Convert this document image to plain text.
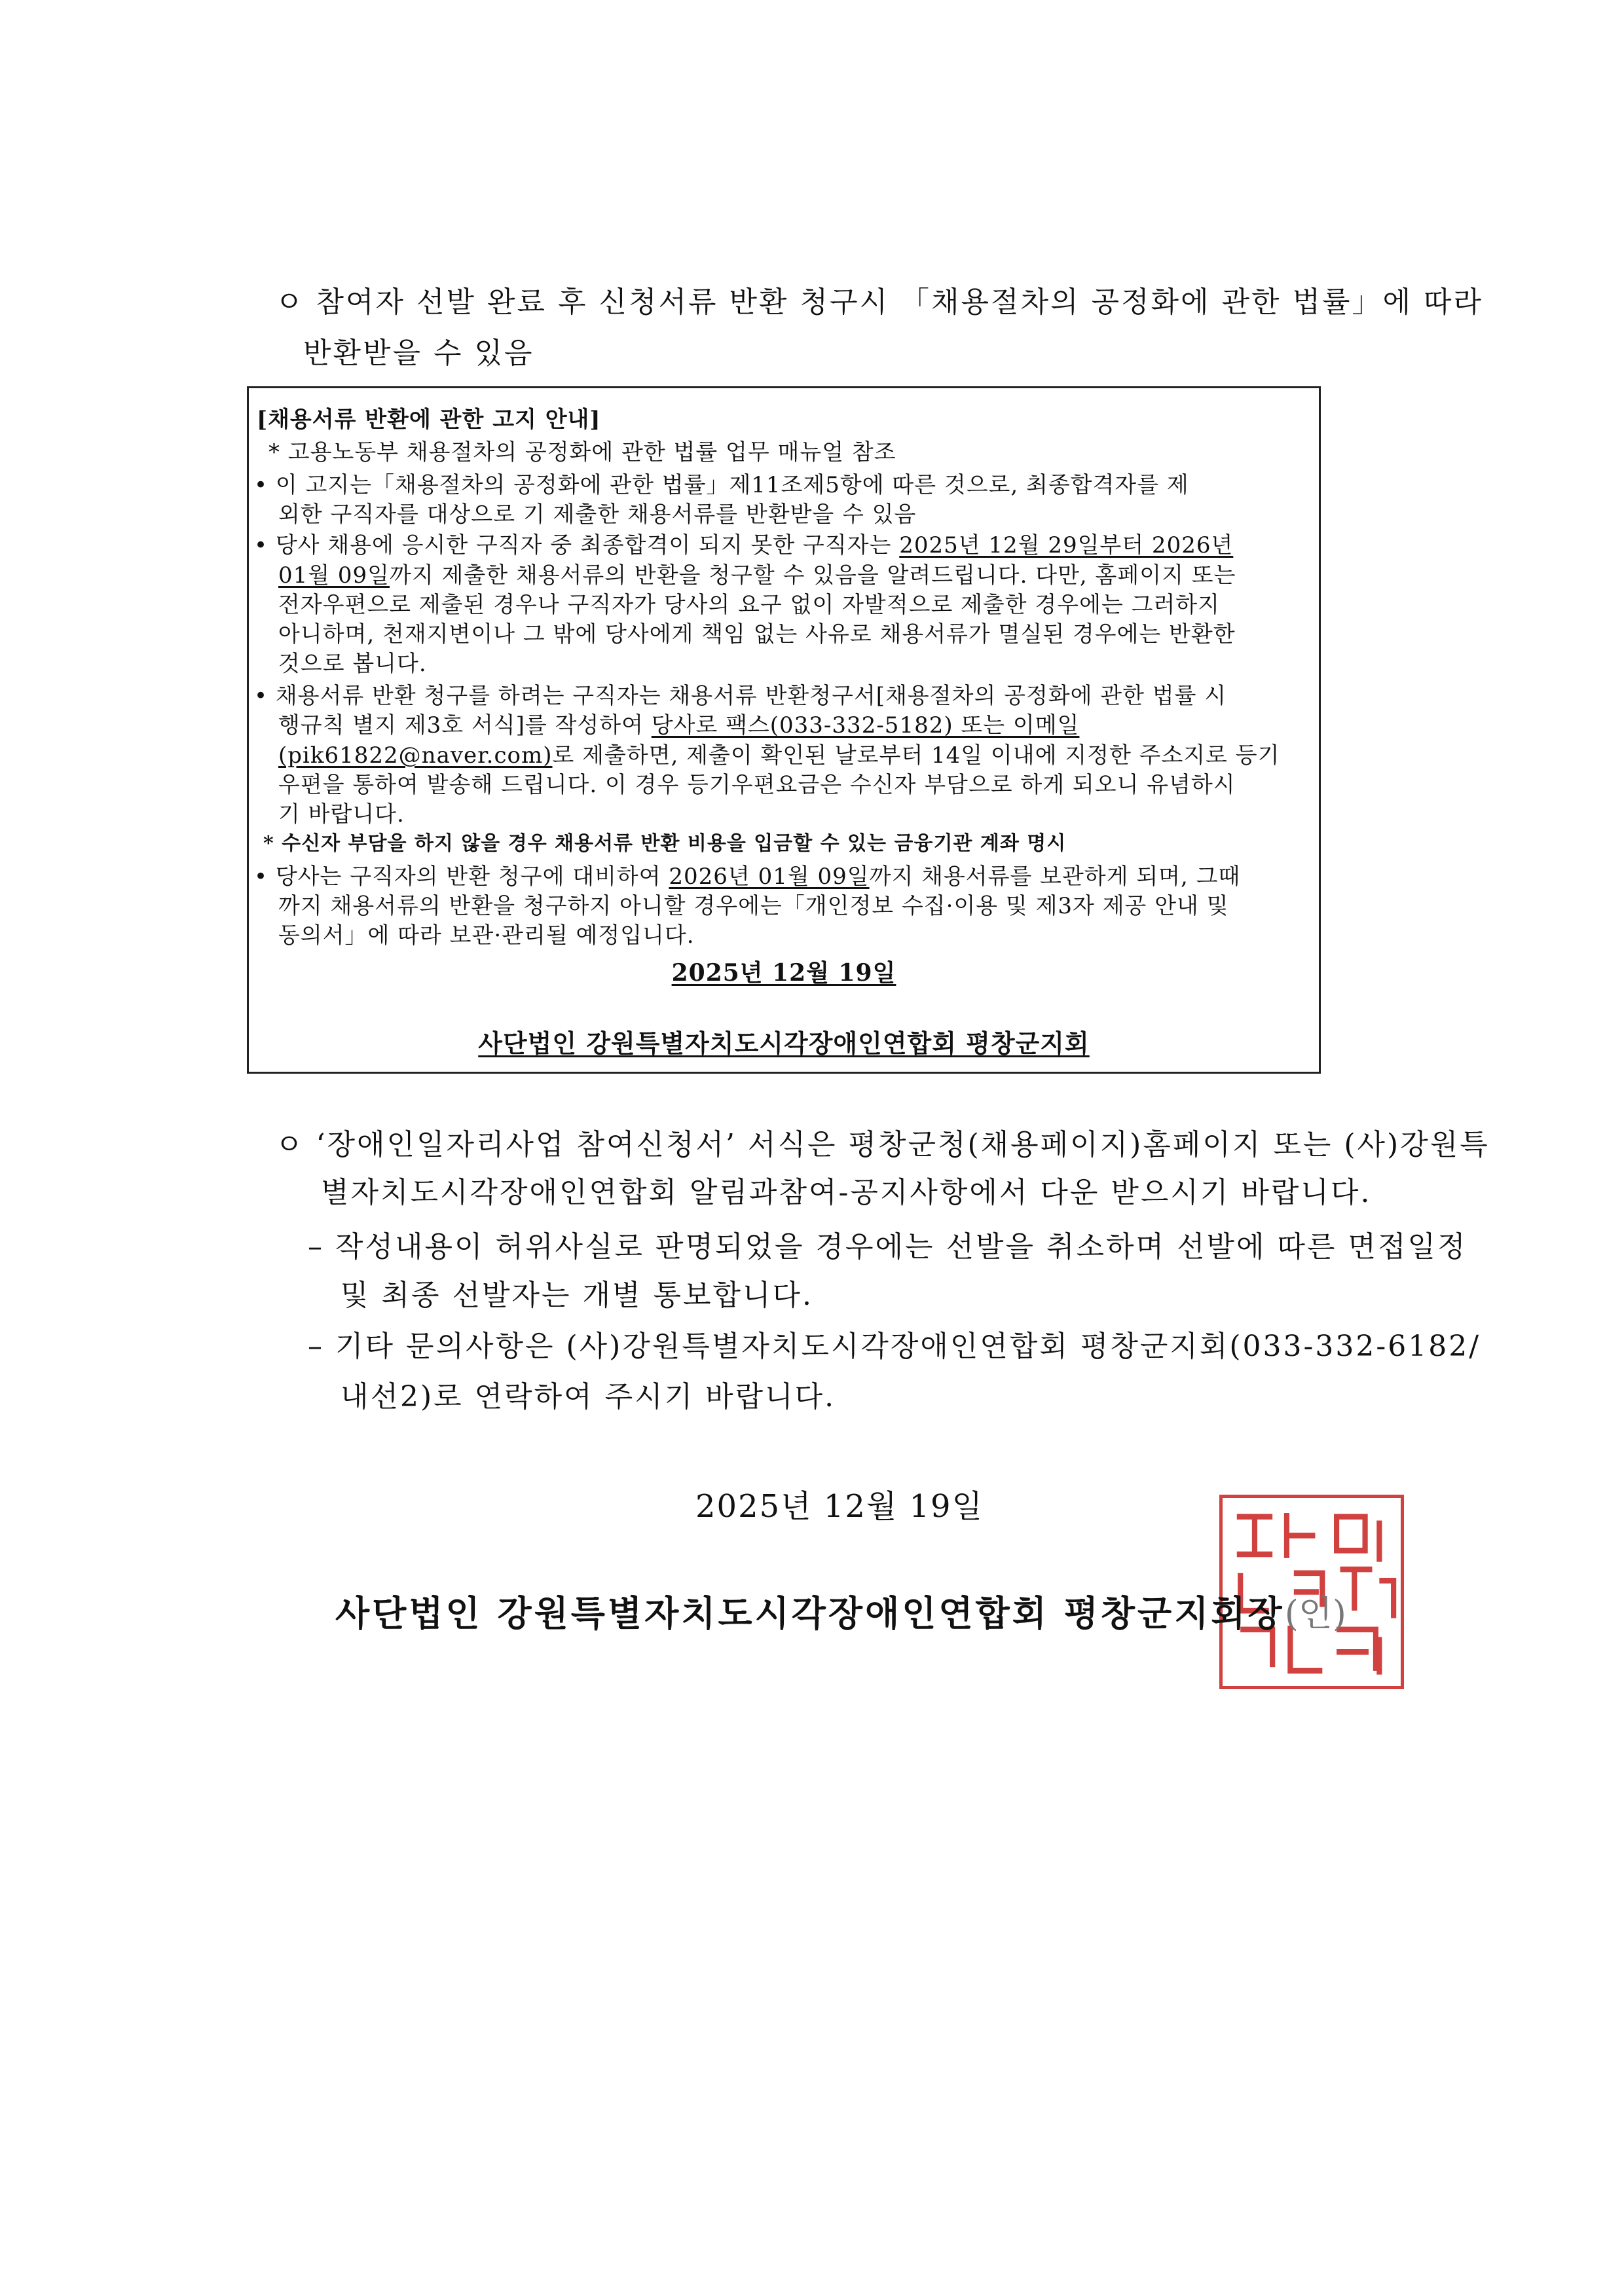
ㅇ 참여자 선발 완료 후 신청서류 반환 청구시 「채용절차의 공정화에 관한 법률」에 따라
반환받을 수 있음
[채용서류 반환에 관한 고지 안내]
* 고용노동부 채용절차의 공정화에 관한 법률 업무 매뉴얼 참조
• 이 고지는「채용절차의 공정화에 관한 법률」제11조제5항에 따른 것으로, 최종합격자를 제
외한 구직자를 대상으로 기 제출한 채용서류를 반환받을 수 있음
• 당사 채용에 응시한 구직자 중 최종합격이 되지 못한 구직자는 2025년 12월 29일부터 2026년
01월 09일까지 제출한 채용서류의 반환을 청구할 수 있음을 알려드립니다. 다만, 홈페이지 또는
전자우편으로 제출된 경우나 구직자가 당사의 요구 없이 자발적으로 제출한 경우에는 그러하지
아니하며, 천재지변이나 그 밖에 당사에게 책임 없는 사유로 채용서류가 멸실된 경우에는 반환한
것으로 봅니다.
• 채용서류 반환 청구를 하려는 구직자는 채용서류 반환청구서[채용절차의 공정화에 관한 법률 시
행규칙 별지 제3호 서식]를 작성하여 당사로 팩스(033-332-5182) 또는 이메일
(pik61822@naver.com)로 제출하면, 제출이 확인된 날로부터 14일 이내에 지정한 주소지로 등기
우편을 통하여 발송해 드립니다. 이 경우 등기우편요금은 수신자 부담으로 하게 되오니 유념하시
기 바랍니다.
* 수신자 부담을 하지 않을 경우 채용서류 반환 비용을 입금할 수 있는 금융기관 계좌 명시
• 당사는 구직자의 반환 청구에 대비하여 2026년 01월 09일까지 채용서류를 보관하게 되며, 그때
까지 채용서류의 반환을 청구하지 아니할 경우에는「개인정보 수집·이용 및 제3자 제공 안내 및
동의서」에 따라 보관·관리될 예정입니다.
2025년 12월 19일
사단법인 강원특별자치도시각장애인연합회 평창군지회
ㅇ ‘장애인일자리사업 참여신청서’ 서식은 평창군청(채용페이지)홈페이지 또는 (사)강원특
별자치도시각장애인연합회 알림과참여-공지사항에서 다운 받으시기 바랍니다.
– 작성내용이 허위사실로 판명되었을 경우에는 선발을 취소하며 선발에 따른 면접일정
및 최종 선발자는 개별 통보합니다.
– 기타 문의사항은 (사)강원특별자치도시각장애인연합회 평창군지회(033-332-6182/
내선2)로 연락하여 주시기 바랍니다.
2025년 12월 19일
사단법인 강원특별자치도시각장애인연합회 평창군지회장(인)
